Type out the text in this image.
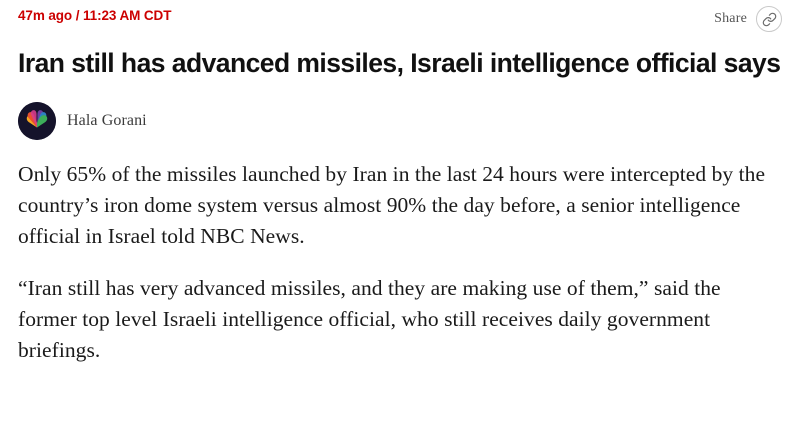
47m ago / 11:23 AM CDT	Share
Iran still has advanced missiles, Israeli intelligence official says
Hala Gorani

Only 65% of the missiles launched by Iran in the last 24 hours were intercepted by the country’s iron dome system versus almost 90% the day before, a senior intelligence official in Israel told NBC News.

“Iran still has very advanced missiles, and they are making use of them,” said the former top level Israeli intelligence official, who still receives daily government briefings.
